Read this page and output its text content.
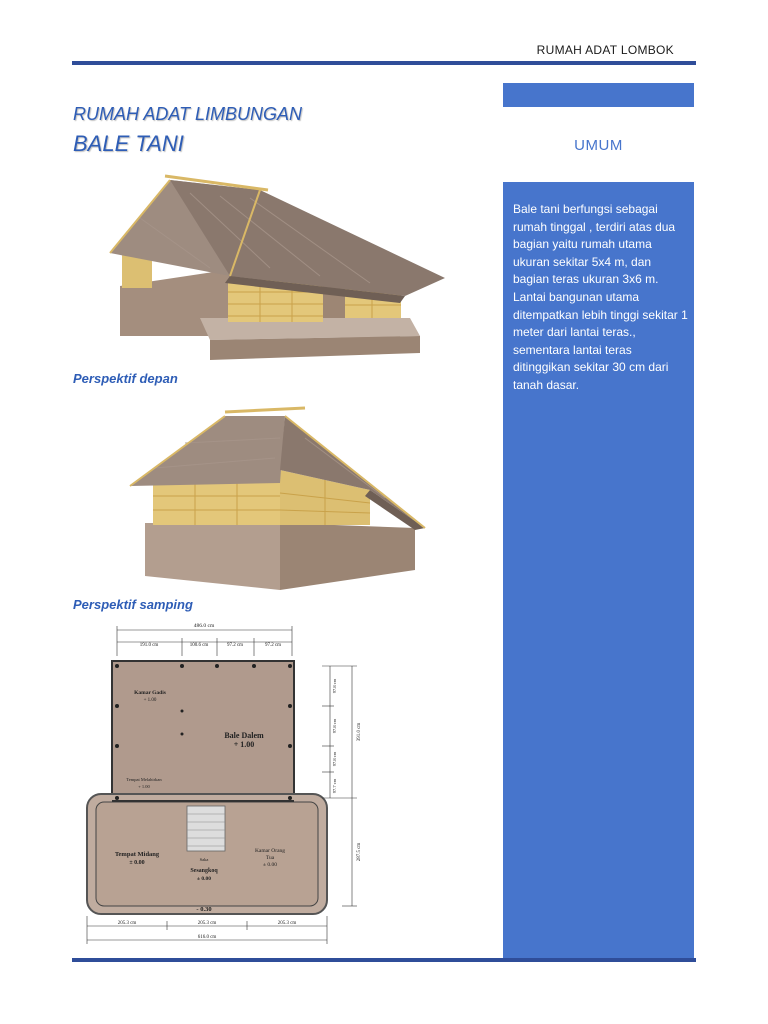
RUMAH ADAT LOMBOK
RUMAH ADAT LIMBUNGAN
BALE TANI	UMUM
Bale tani berfungsi sebagai rumah tinggal , terdiri atas dua bagian yaitu rumah utama ukuran sekitar 5x4 m, dan bagian teras ukuran 3x6 m. Lantai bangunan utama ditempatkan lebih tinggi sekitar 1 meter dari lantai teras., sementara lantai teras ditinggikan sekitar 30 cm dari tanah dasar.
Perspektif depan
Perspektif samping
486.0 cm
191.0 cm	100.6 cm	97.2 cm	97.2 cm
Kamar Gadis
+ 1.00
Bale Dalem
+ 1.00
Tempat Melahirkan
+ 1.00
Tempat Midang
± 0.00
Kamar Orang
Tua
± 0.00
Saka
Sesangkoq
± 0.00
- 0.30
97.8 cm
97.8 cm
97.8 cm
97.7 cm
391.0 cm
287.5 cm
205.3 cm	205.3 cm	205.3 cm
616.0 cm
